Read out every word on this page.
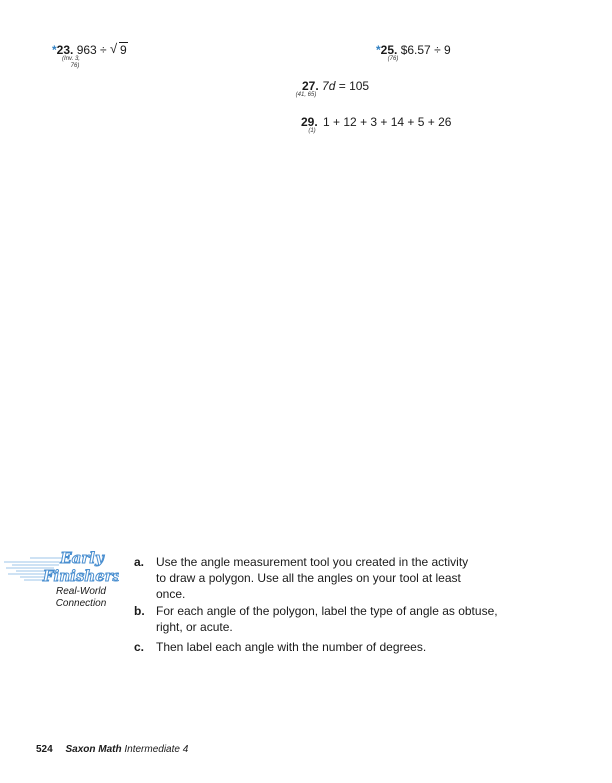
*23. 963 ÷ √ 9
(Inv. 3,
76)
*25. $6.57 ÷ 9
(76)
27. 7d = 105
(41, 65)
29. 1 + 12 + 3 + 14 + 5 + 26
(1)
Early
Finishers
Real-World
Connection
a. Use the angle measurement tool you created in the activity
to draw a polygon. Use all the angles on your tool at least
once.
b. For each angle of the polygon, label the type of angle as obtuse,
right, or acute.
c. Then label each angle with the number of degrees.
524 Saxon Math Intermediate 4
